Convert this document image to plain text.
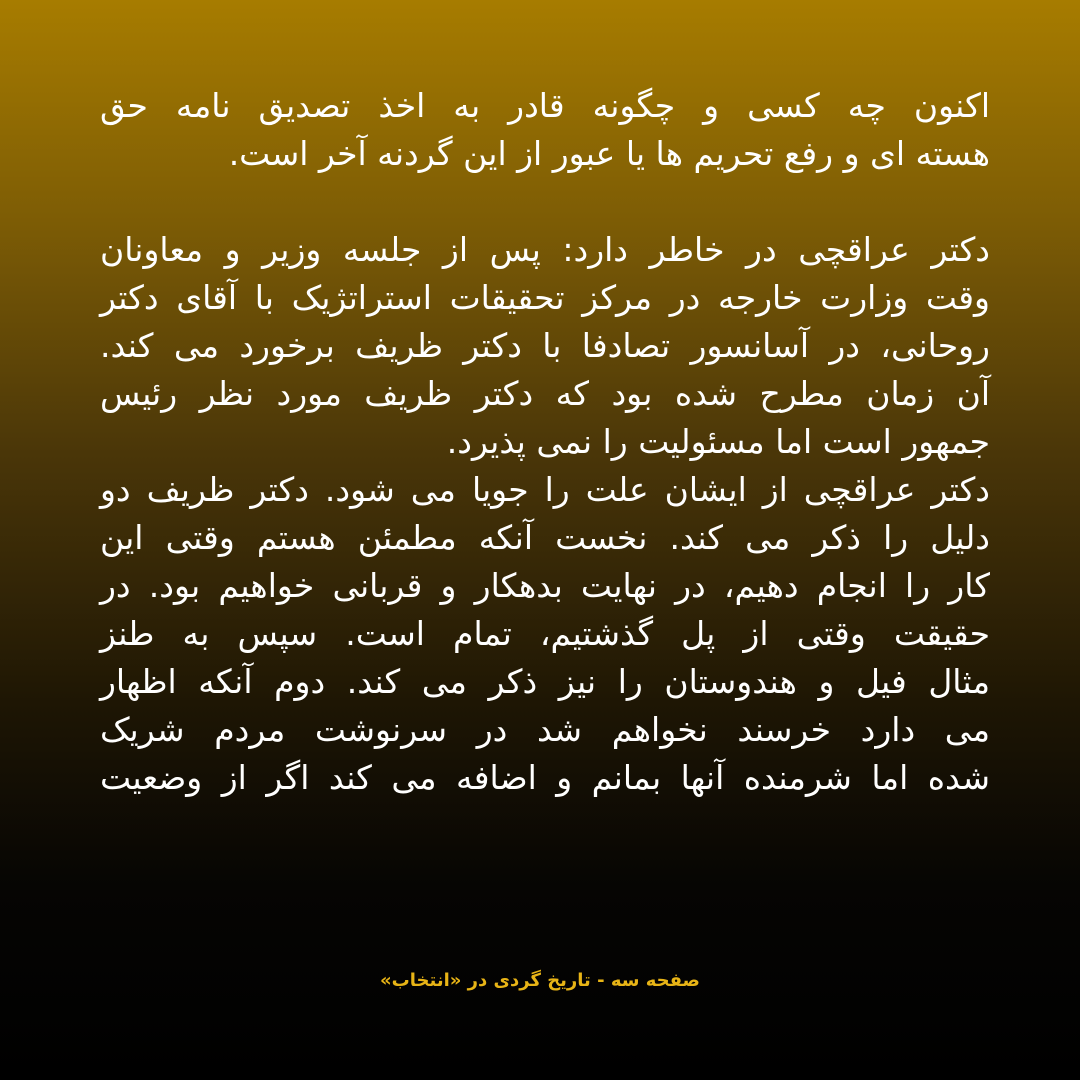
اکنون چه کسی و چگونه قادر به اخذ تصدیق نامه حق
هسته ای و رفع تحریم ها یا عبور از این گردنه آخر است.
دکتر عراقچی در خاطر دارد: پس از جلسه وزیر و معاونان
وقت وزارت خارجه در مرکز تحقیقات استراتژیک با آقای دکتر
روحانی، در آسانسور تصادفا با دکتر ظریف برخورد می کند.
آن زمان مطرح شده بود که دکتر ظریف مورد نظر رئیس
جمهور است اما مسئولیت را نمی پذیرد.
دکتر عراقچی از ایشان علت را جویا می شود. دکتر ظریف دو
دلیل را ذکر می کند. نخست آنکه مطمئن هستم وقتی این
کار را انجام دهیم، در نهایت بدهکار و قربانی خواهیم بود. در
حقیقت وقتی از پل گذشتیم، تمام است. سپس به طنز
مثال فیل و هندوستان را نیز ذکر می کند. دوم آنکه اظهار
می دارد خرسند نخواهم شد در سرنوشت مردم شریک
شده اما شرمنده آنها بمانم و اضافه می کند اگر از وضعیت
صفحه سه - تاریخ گردی در «انتخاب»
